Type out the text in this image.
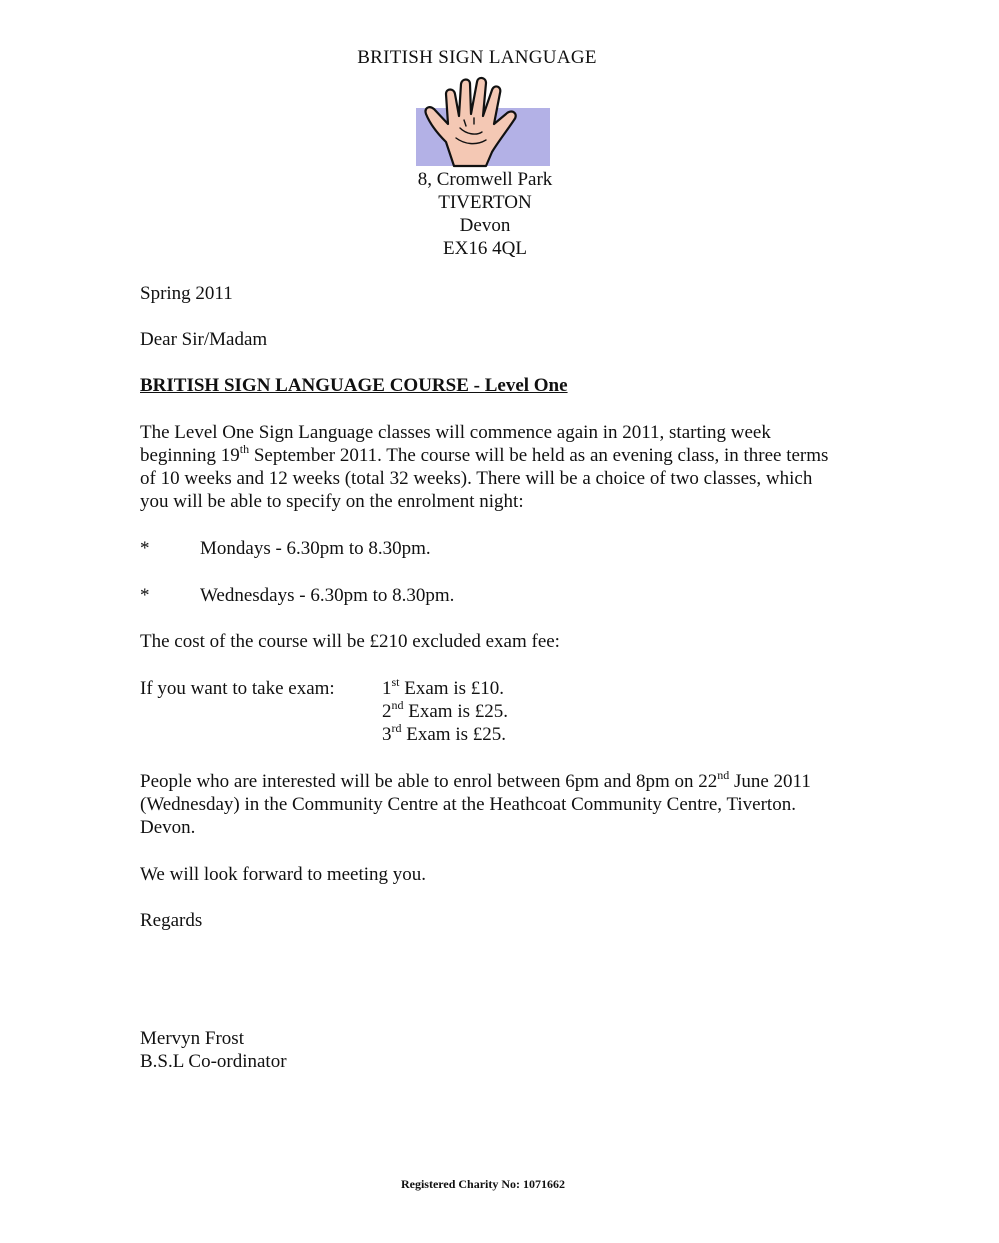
BRITISH SIGN LANGUAGE
8, Cromwell Park
TIVERTON
Devon
EX16 4QL
Spring 2011
Dear Sir/Madam
BRITISH SIGN LANGUAGE COURSE - Level One
The Level One Sign Language classes will commence again in 2011, starting week beginning 19th September 2011. The course will be held as an evening class, in three terms of 10 weeks and 12 weeks (total 32 weeks). There will be a choice of two classes, which you will be able to specify on the enrolment night:
*	Mondays - 6.30pm to 8.30pm.
*	Wednesdays - 6.30pm to 8.30pm.
The cost of the course will be £210 excluded exam fee:
If you want to take exam: 1st Exam is £10.
2nd Exam is £25.
3rd Exam is £25.
People who are interested will be able to enrol between 6pm and 8pm on 22nd June 2011 (Wednesday) in the Community Centre at the Heathcoat Community Centre, Tiverton. Devon.
We will look forward to meeting you.
Regards
Mervyn Frost
B.S.L Co-ordinator
Registered Charity No: 1071662
